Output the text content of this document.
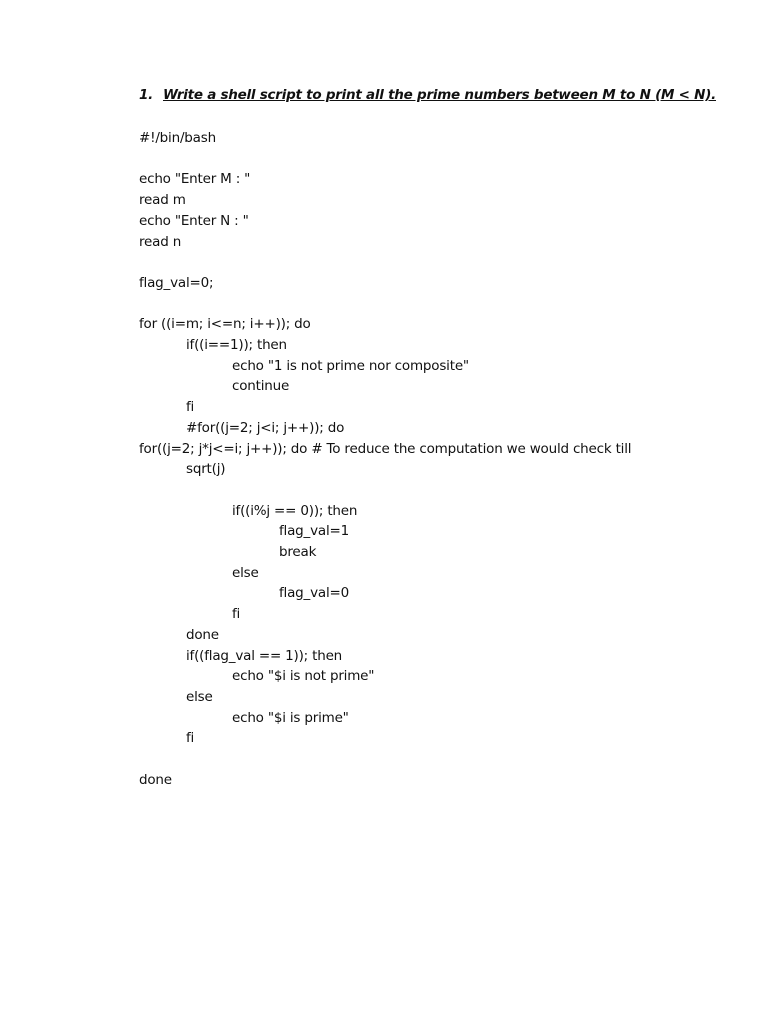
1. Write a shell script to print all the prime numbers between M to N (M < N).
#!/bin/bash
echo "Enter M : "
read m
echo "Enter N : "
read n
flag_val=0;
for ((i=m; i<=n; i++)); do
if((i==1)); then
echo "1 is not prime nor composite"
continue
fi
#for((j=2; j<i; j++)); do
for((j=2; j*j<=i; j++)); do # To reduce the computation we would check till sqrt(j)
if((i%j == 0)); then
flag_val=1
break
else
flag_val=0
fi
done
if((flag_val == 1)); then
echo "$i is not prime"
else
echo "$i is prime"
fi
done
